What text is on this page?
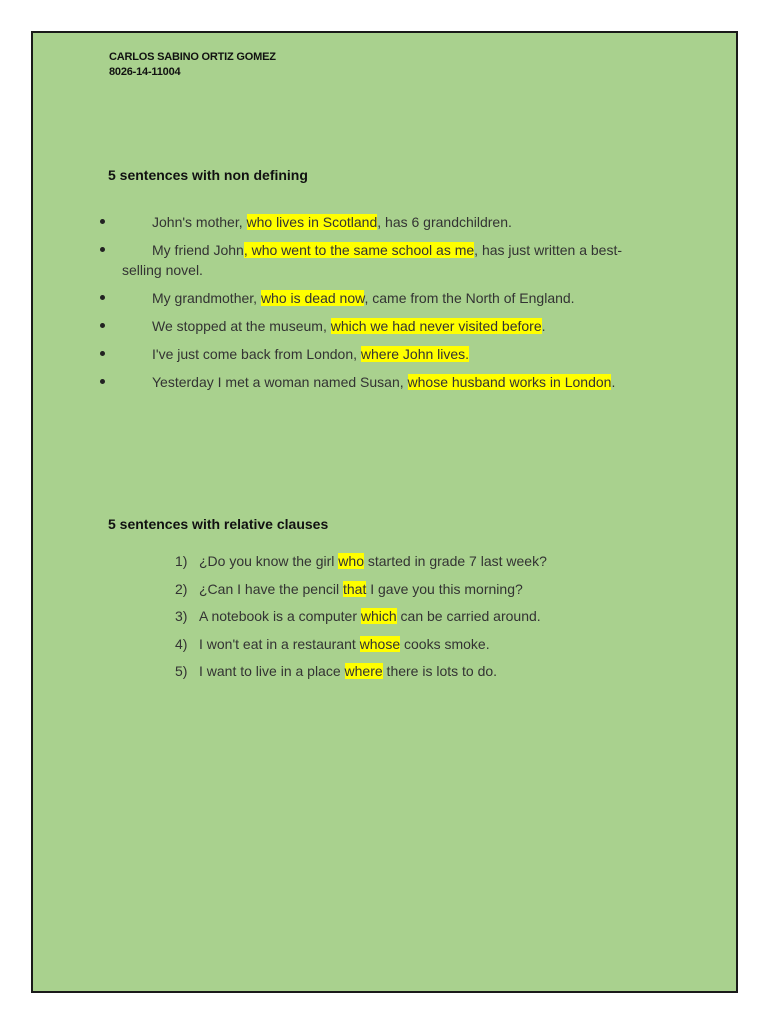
CARLOS SABINO ORTIZ GOMEZ
8026-14-11004
5 sentences with non defining
John's mother, who lives in Scotland, has 6 grandchildren.
My friend John, who went to the same school as me, has just written a best-
selling novel.
My grandmother, who is dead now, came from the North of England.
We stopped at the museum, which we had never visited before.
I've just come back from London, where John lives.
Yesterday I met a woman named Susan, whose husband works in London.
5 sentences with relative clauses
1) ¿Do you know the girl who started in grade 7 last week?
2) ¿Can I have the pencil that I gave you this morning?
3) A notebook is a computer which can be carried around.
4) I won't eat in a restaurant whose cooks smoke.
5) I want to live in a place where there is lots to do.
